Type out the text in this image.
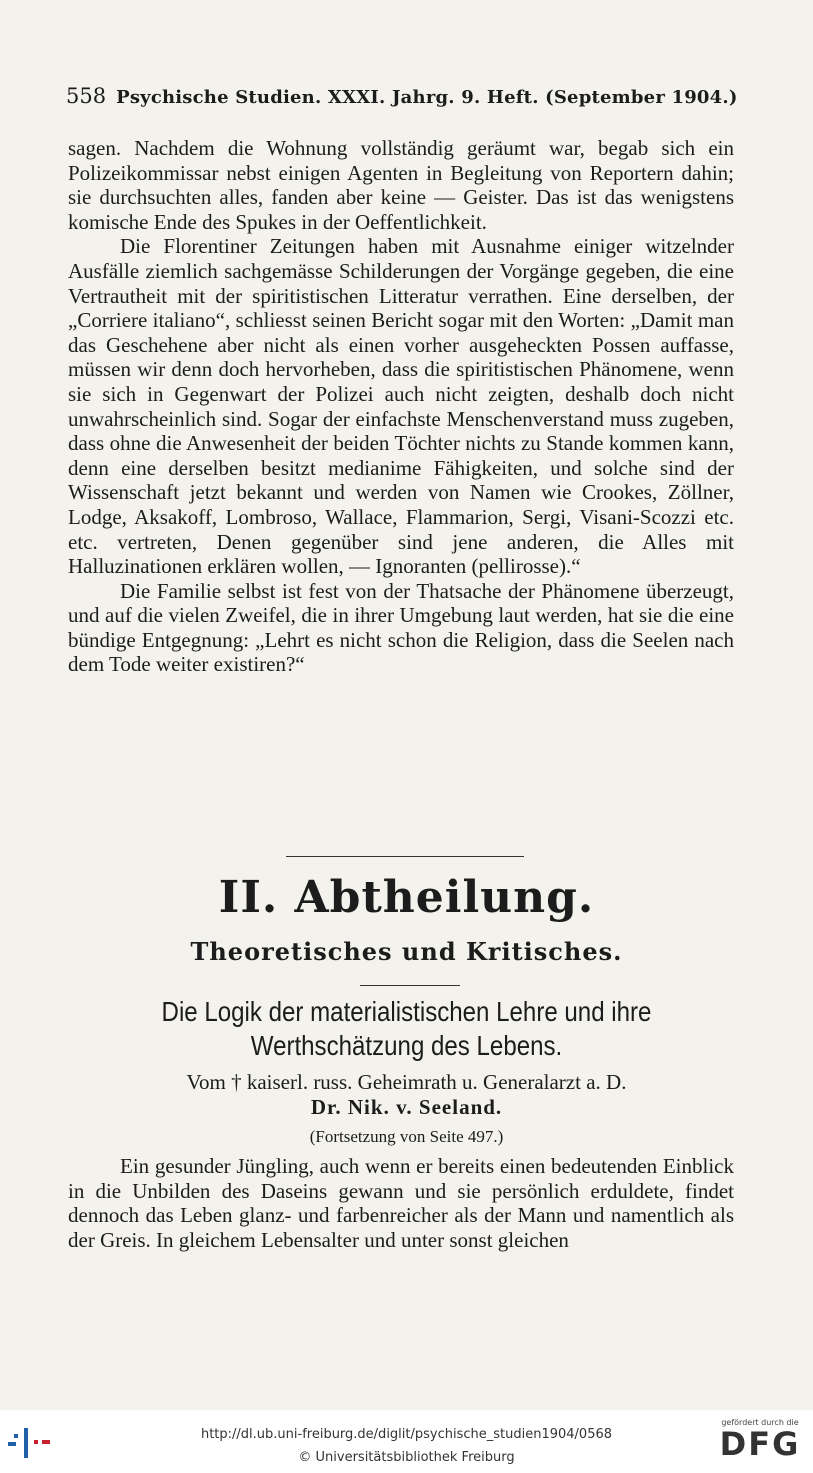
558 Psychische Studien. XXXI. Jahrg. 9. Heft. (September 1904.)

sagen. Nachdem die Wohnung vollständig geräumt war, begab sich ein Polizeikommissar nebst einigen Agenten in Begleitung von Reportern dahin; sie durchsuchten alles, fanden aber keine — Geister. Das ist das wenigstens komische Ende des Spukes in der Oeffentlichkeit.

Die Florentiner Zeitungen haben mit Ausnahme einiger witzelnder Ausfälle ziemlich sachgemässe Schilderungen der Vorgänge gegeben, die eine Vertrautheit mit der spiritistischen Litteratur verrathen. Eine derselben, der „Corriere italiano“, schliesst seinen Bericht sogar mit den Worten: „Damit man das Geschehene aber nicht als einen vorher ausgeheckten Possen auffasse, müssen wir denn doch hervorheben, dass die spiritistischen Phänomene, wenn sie sich in Gegenwart der Polizei auch nicht zeigten, deshalb doch nicht unwahrscheinlich sind. Sogar der einfachste Menschenverstand muss zugeben, dass ohne die Anwesenheit der beiden Töchter nichts zu Stande kommen kann, denn eine derselben besitzt medianime Fähigkeiten, und solche sind der Wissenschaft jetzt bekannt und werden von Namen wie Crookes, Zöllner, Lodge, Aksakoff, Lombroso, Wallace, Flammarion, Sergi, Visani-Scozzi etc. etc. vertreten, Denen gegenüber sind jene anderen, die Alles mit Halluzinationen erklären wollen, — Ignoranten (pellirosse).“

Die Familie selbst ist fest von der Thatsache der Phänomene überzeugt, und auf die vielen Zweifel, die in ihrer Umgebung laut werden, hat sie die eine bündige Entgegnung: „Lehrt es nicht schon die Religion, dass die Seelen nach dem Tode weiter existiren?“

II. Abtheilung.
Theoretisches und Kritisches.
Die Logik der materialistischen Lehre und ihre
Werthschätzung des Lebens.
Vom † kaiserl. russ. Geheimrath u. Generalarzt a. D.
Dr. Nik. v. Seeland.
(Fortsetzung von Seite 497.)

Ein gesunder Jüngling, auch wenn er bereits einen bedeutenden Einblick in die Unbilden des Daseins gewann und sie persönlich erduldete, findet dennoch das Leben glanz- und farbenreicher als der Mann und namentlich als der Greis. In gleichem Lebensalter und unter sonst gleichen

http://dl.ub.uni-freiburg.de/diglit/psychische_studien1904/0568
© Universitätsbibliothek Freiburg
gefördert durch die
DFG
